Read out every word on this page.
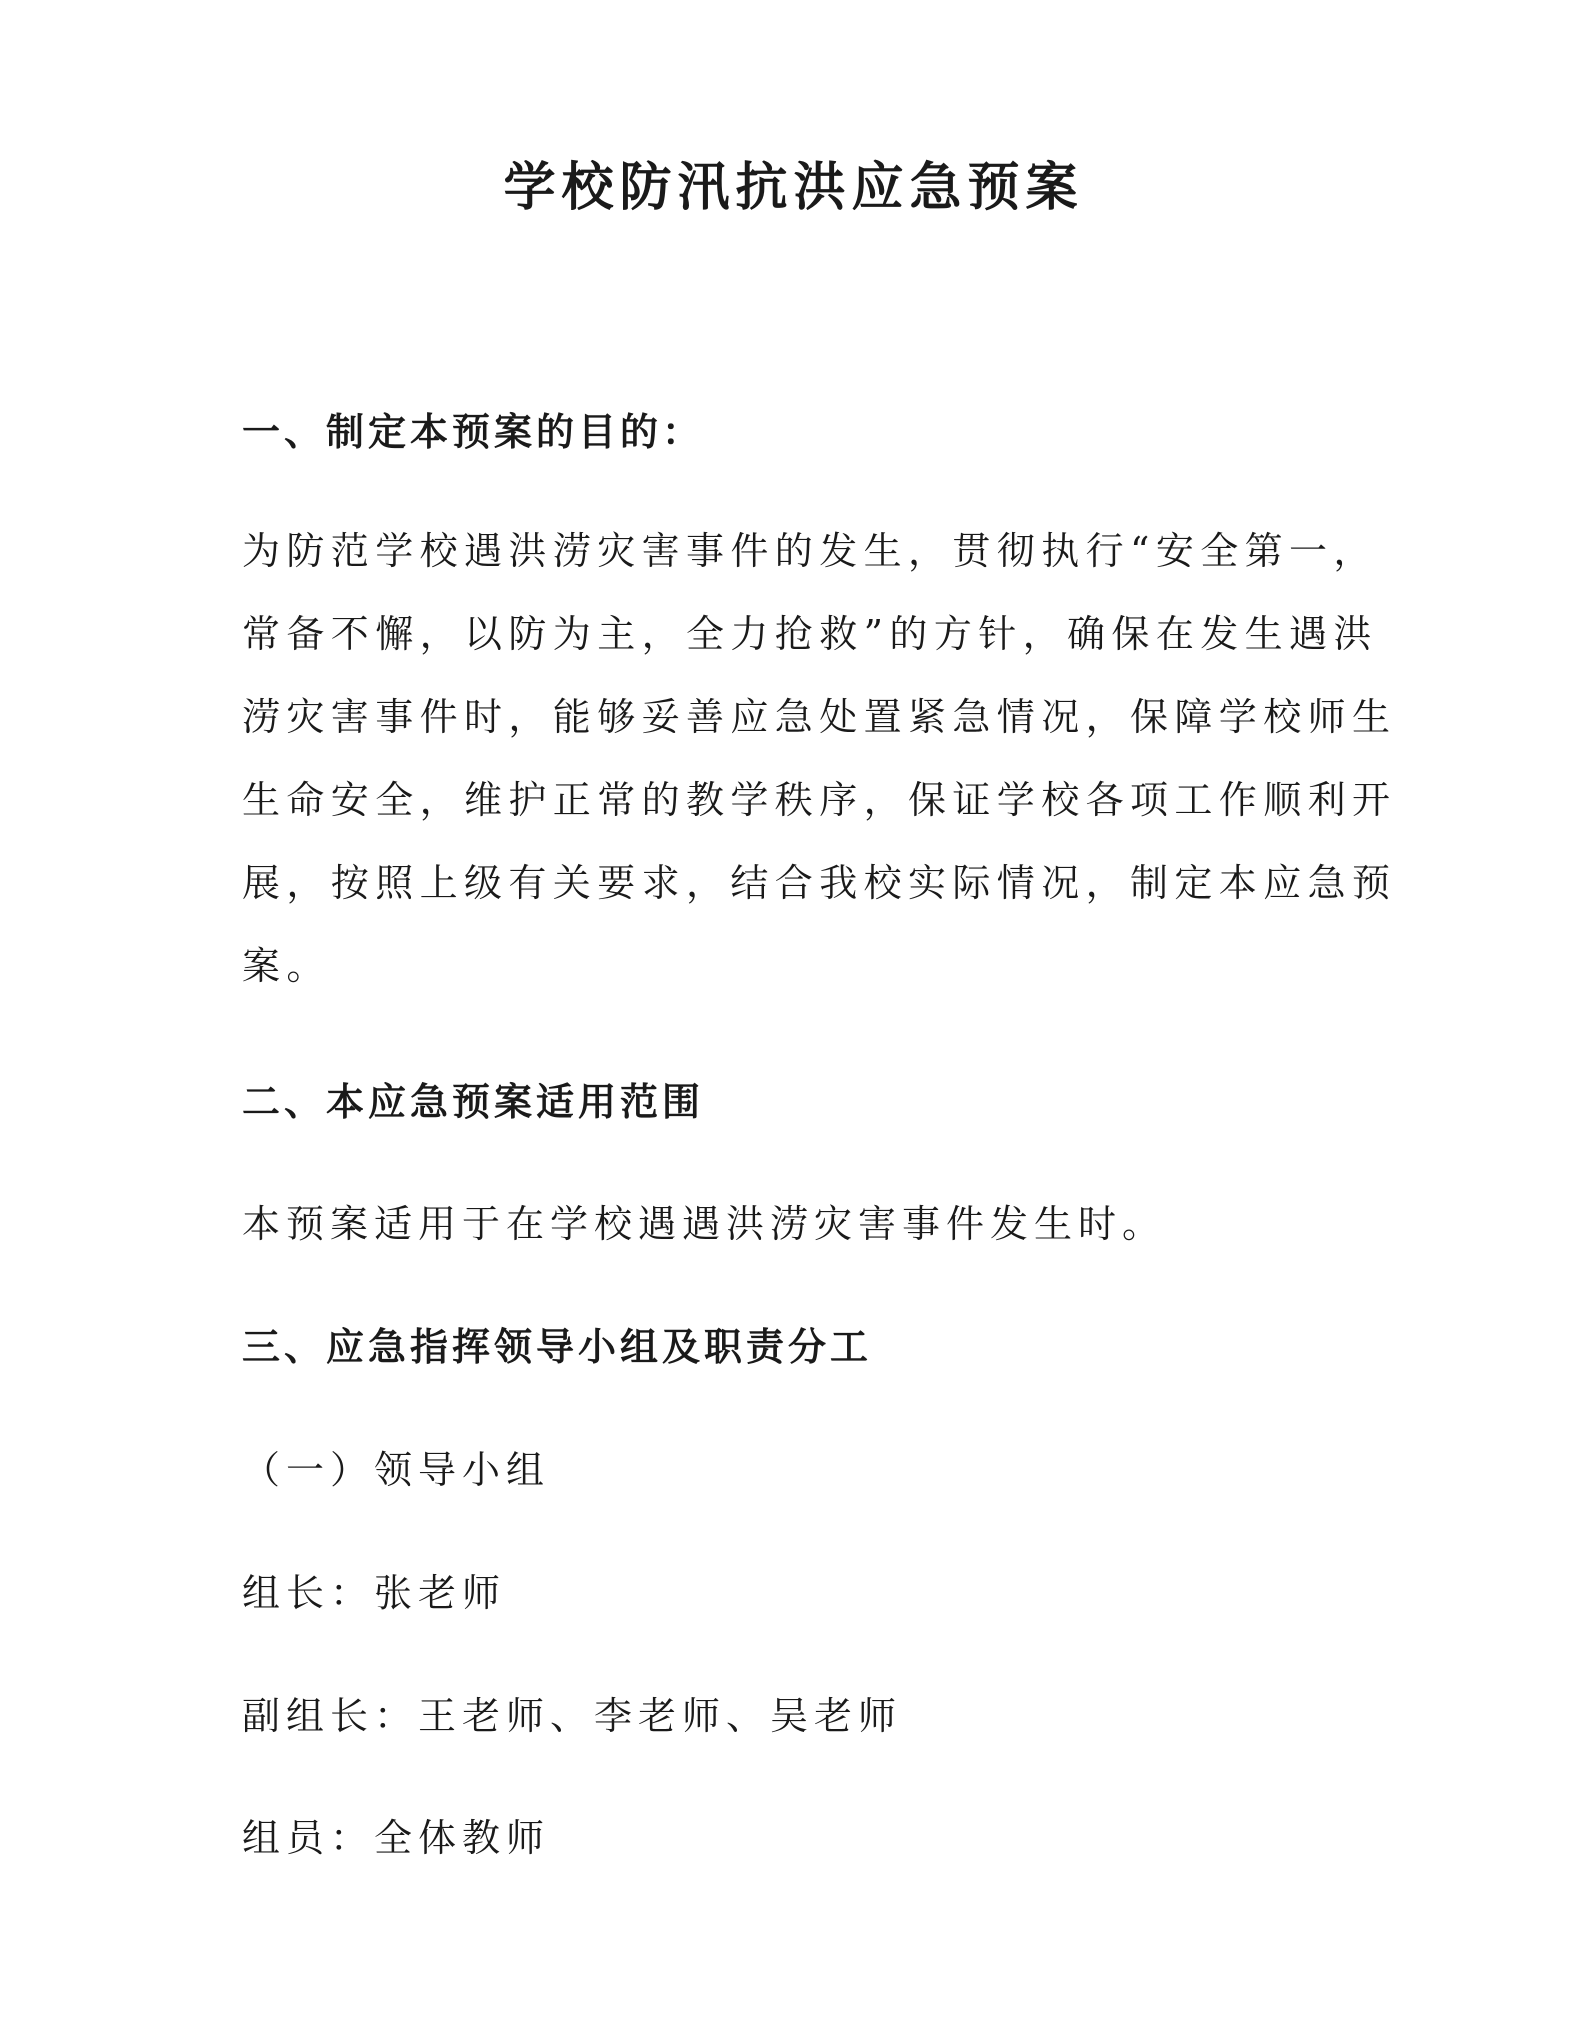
学校防汛抗洪应急预案

一、制定本预案的目的：

为防范学校遇洪涝灾害事件的发生，贯彻执行“安全第一，
常备不懈，以防为主，全力抢救”的方针，确保在发生遇洪
涝灾害事件时，能够妥善应急处置紧急情况，保障学校师生
生命安全，维护正常的教学秩序，保证学校各项工作顺利开
展，按照上级有关要求，结合我校实际情况，制定本应急预
案。

二、本应急预案适用范围

本预案适用于在学校遇遇洪涝灾害事件发生时。

三、应急指挥领导小组及职责分工

（一）领导小组

组长：张老师

副组长：王老师、李老师、吴老师

组员：全体教师
